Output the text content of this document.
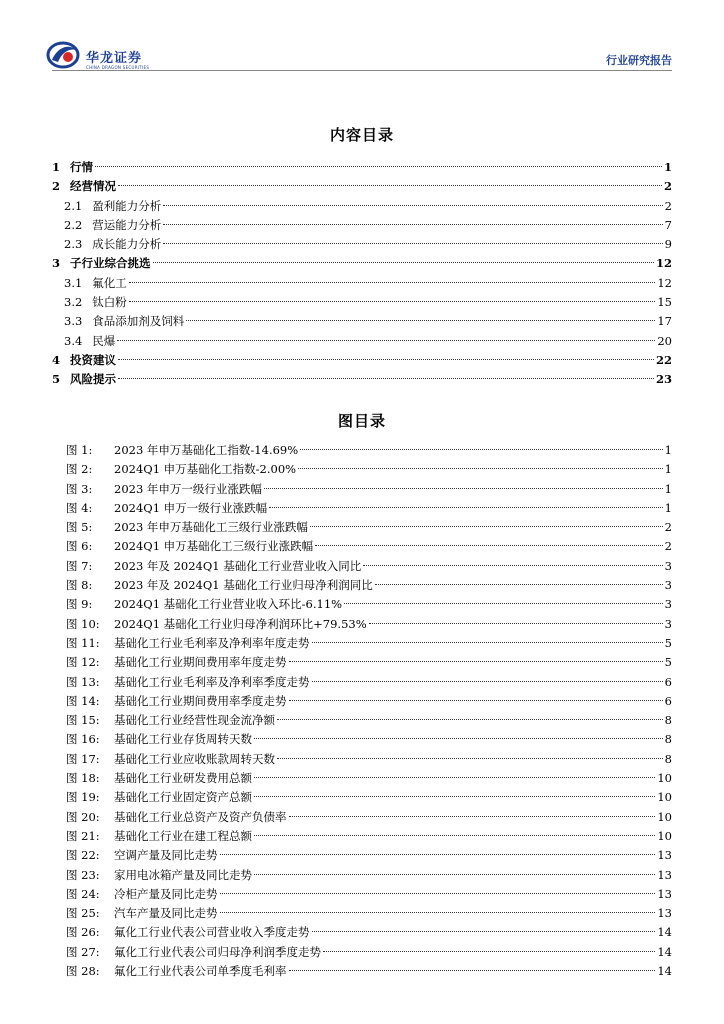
华龙证券
CHINA DRAGON SECURITIES
行业研究报告
内容目录
1 行情	1
2 经营情况	2
2.1 盈利能力分析	2
2.2 营运能力分析	7
2.3 成长能力分析	9
3 子行业综合挑选	12
3.1 氟化工	12
3.2 钛白粉	15
3.3 食品添加剂及饲料	17
3.4 民爆	20
4 投资建议	22
5 风险提示	23
图目录
图 1:	2023 年申万基础化工指数-14.69%	1
图 2:	2024Q1 申万基础化工指数-2.00%	1
图 3:	2023 年申万一级行业涨跌幅	1
图 4:	2024Q1 申万一级行业涨跌幅	1
图 5:	2023 年申万基础化工三级行业涨跌幅	2
图 6:	2024Q1 申万基础化工三级行业涨跌幅	2
图 7:	2023 年及 2024Q1 基础化工行业营业收入同比	3
图 8:	2023 年及 2024Q1 基础化工行业归母净利润同比	3
图 9:	2024Q1 基础化工行业营业收入环比-6.11%	3
图 10:	2024Q1 基础化工行业归母净利润环比+79.53%	3
图 11:	基础化工行业毛利率及净利率年度走势	5
图 12:	基础化工行业期间费用率年度走势	5
图 13:	基础化工行业毛利率及净利率季度走势	6
图 14:	基础化工行业期间费用率季度走势	6
图 15:	基础化工行业经营性现金流净额	8
图 16:	基础化工行业存货周转天数	8
图 17:	基础化工行业应收账款周转天数	8
图 18:	基础化工行业研发费用总额	10
图 19:	基础化工行业固定资产总额	10
图 20:	基础化工行业总资产及资产负债率	10
图 21:	基础化工行业在建工程总额	10
图 22:	空调产量及同比走势	13
图 23:	家用电冰箱产量及同比走势	13
图 24:	冷柜产量及同比走势	13
图 25:	汽车产量及同比走势	13
图 26:	氟化工行业代表公司营业收入季度走势	14
图 27:	氟化工行业代表公司归母净利润季度走势	14
图 28:	氟化工行业代表公司单季度毛利率	14
